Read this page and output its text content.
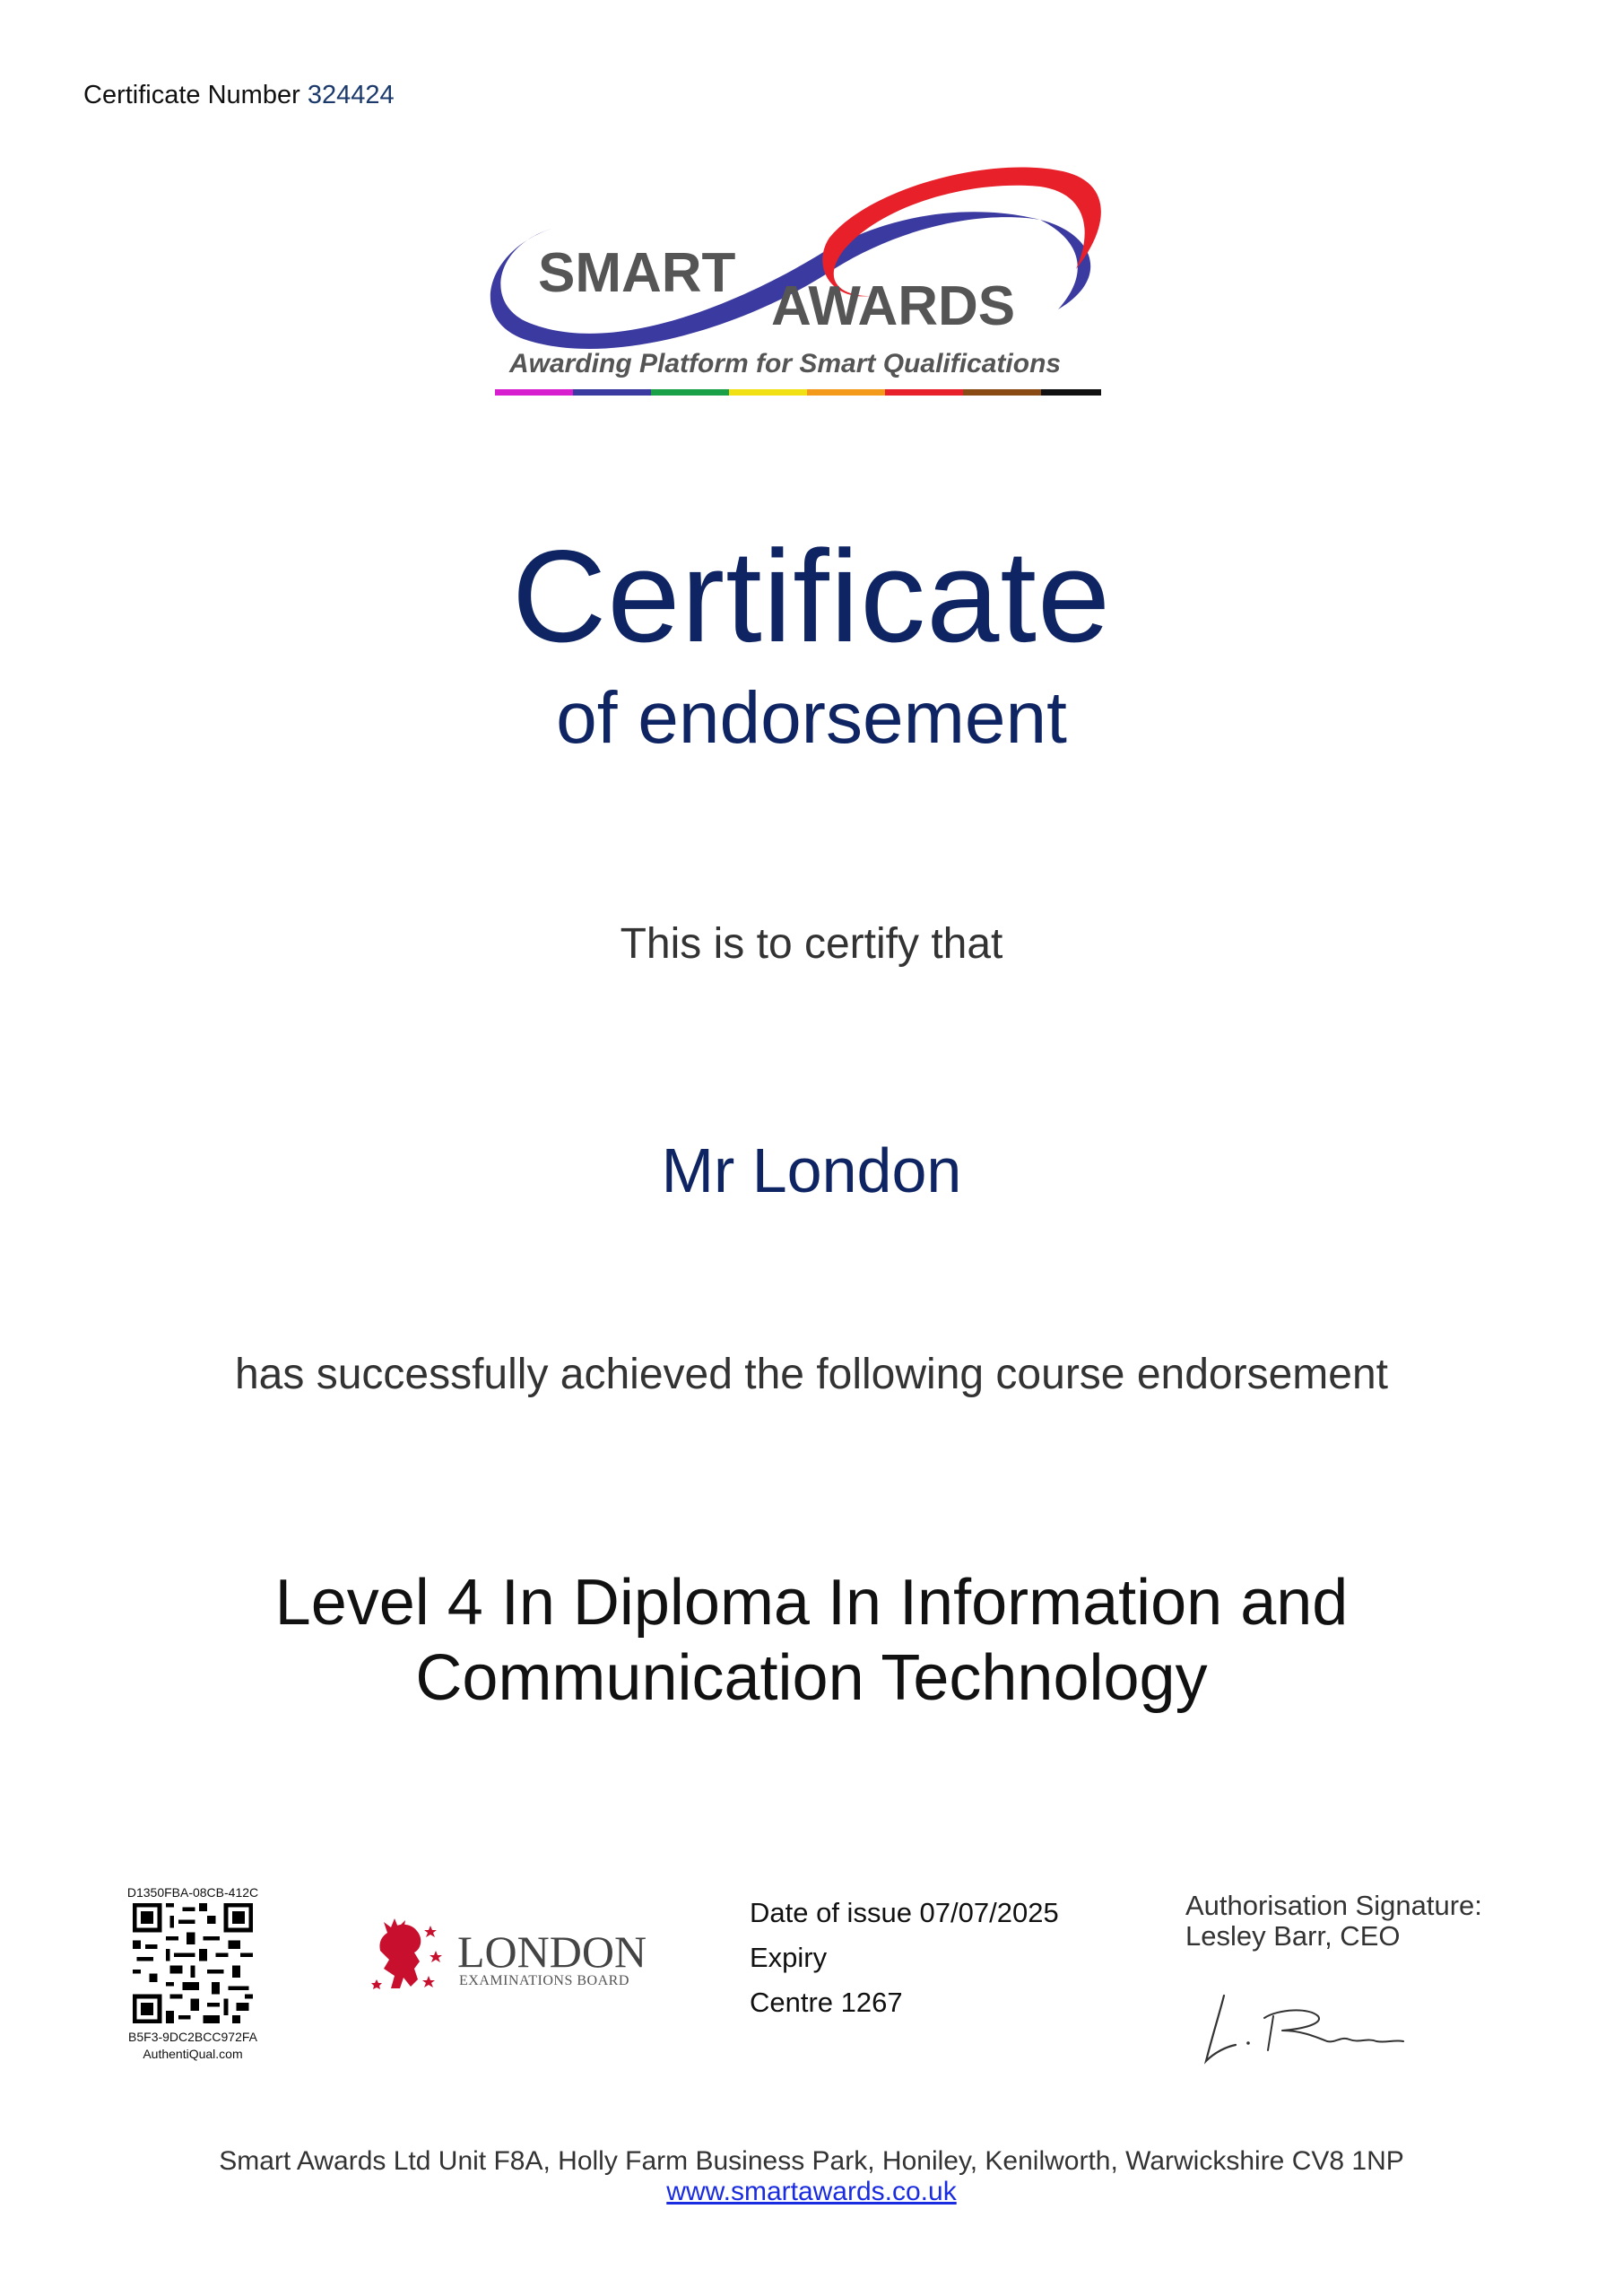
Certificate Number 324424
SMART
AWARDS
Awarding Platform for Smart Qualifications
Certificate
of endorsement
This is to certify that
Mr London
has successfully achieved the following course endorsement
Level 4 In Diploma In Information and
Communication Technology
D1350FBA-08CB-412C
B5F3-9DC2BCC972FA
AuthentiQual.com
LONDON
EXAMINATIONS BOARD
Date of issue 07/07/2025
Expiry
Centre 1267
Authorisation Signature:
Lesley Barr, CEO
Smart Awards Ltd Unit F8A, Holly Farm Business Park, Honiley, Kenilworth, Warwickshire CV8 1NP
www.smartawards.co.uk
